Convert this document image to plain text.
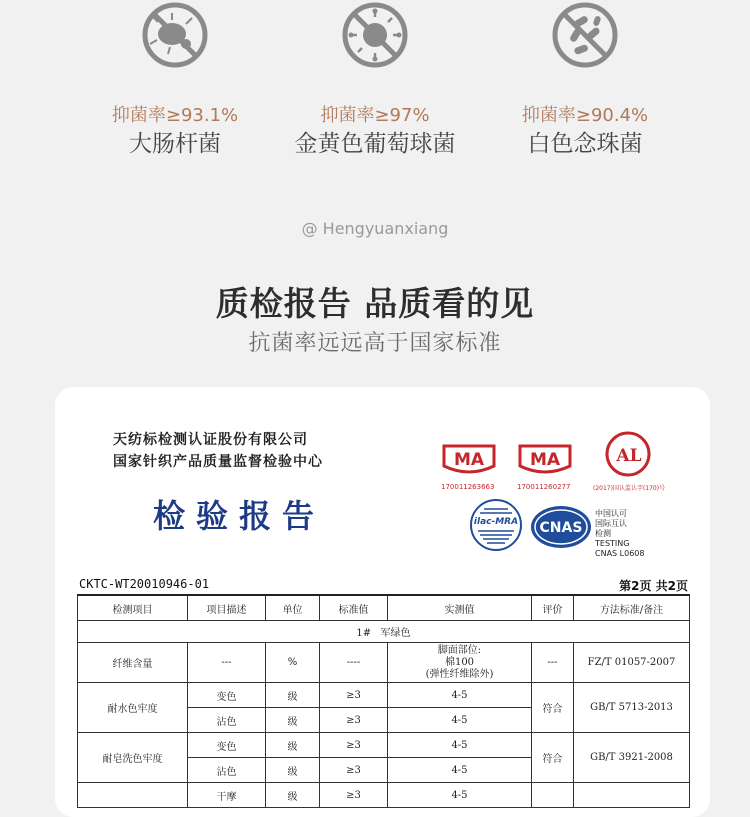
抑菌率≥93.1%
大肠杆菌
抑菌率≥97%
金黄色葡萄球菌
抑菌率≥90.4%
白色念珠菌
@ Hengyuanxiang
质检报告 品质看的见
抗菌率远远高于国家标准
天纺标检测认证股份有限公司
国家针织产品质量监督检验中心
检验报告
MA
170011263663
MA
170011260277
AL
(2017)国认监认字(170)号
ilac-MRA CNAS
中国认可
国际互认
检测
TESTING
CNAS L0608
CKTC-WT20010946-01	第2页 共2页
检测项目	项目描述	单位	标准值	实测值	评价	方法标准/备注
1# 军绿色						
纤维含量	---	%	----	脚面部位:
棉100
(弹性纤维除外)	---	FZ/T 01057-2007
耐水色牢度	变色	级	≥3	4-5	符合	GB/T 5713-2013
	沾色	级	≥3	4-5		
耐皂洗色牢度	变色	级	≥3	4-5	符合	GB/T 3921-2008
	沾色	级	≥3	4-5		
	干摩	级	≥3	4-5		
